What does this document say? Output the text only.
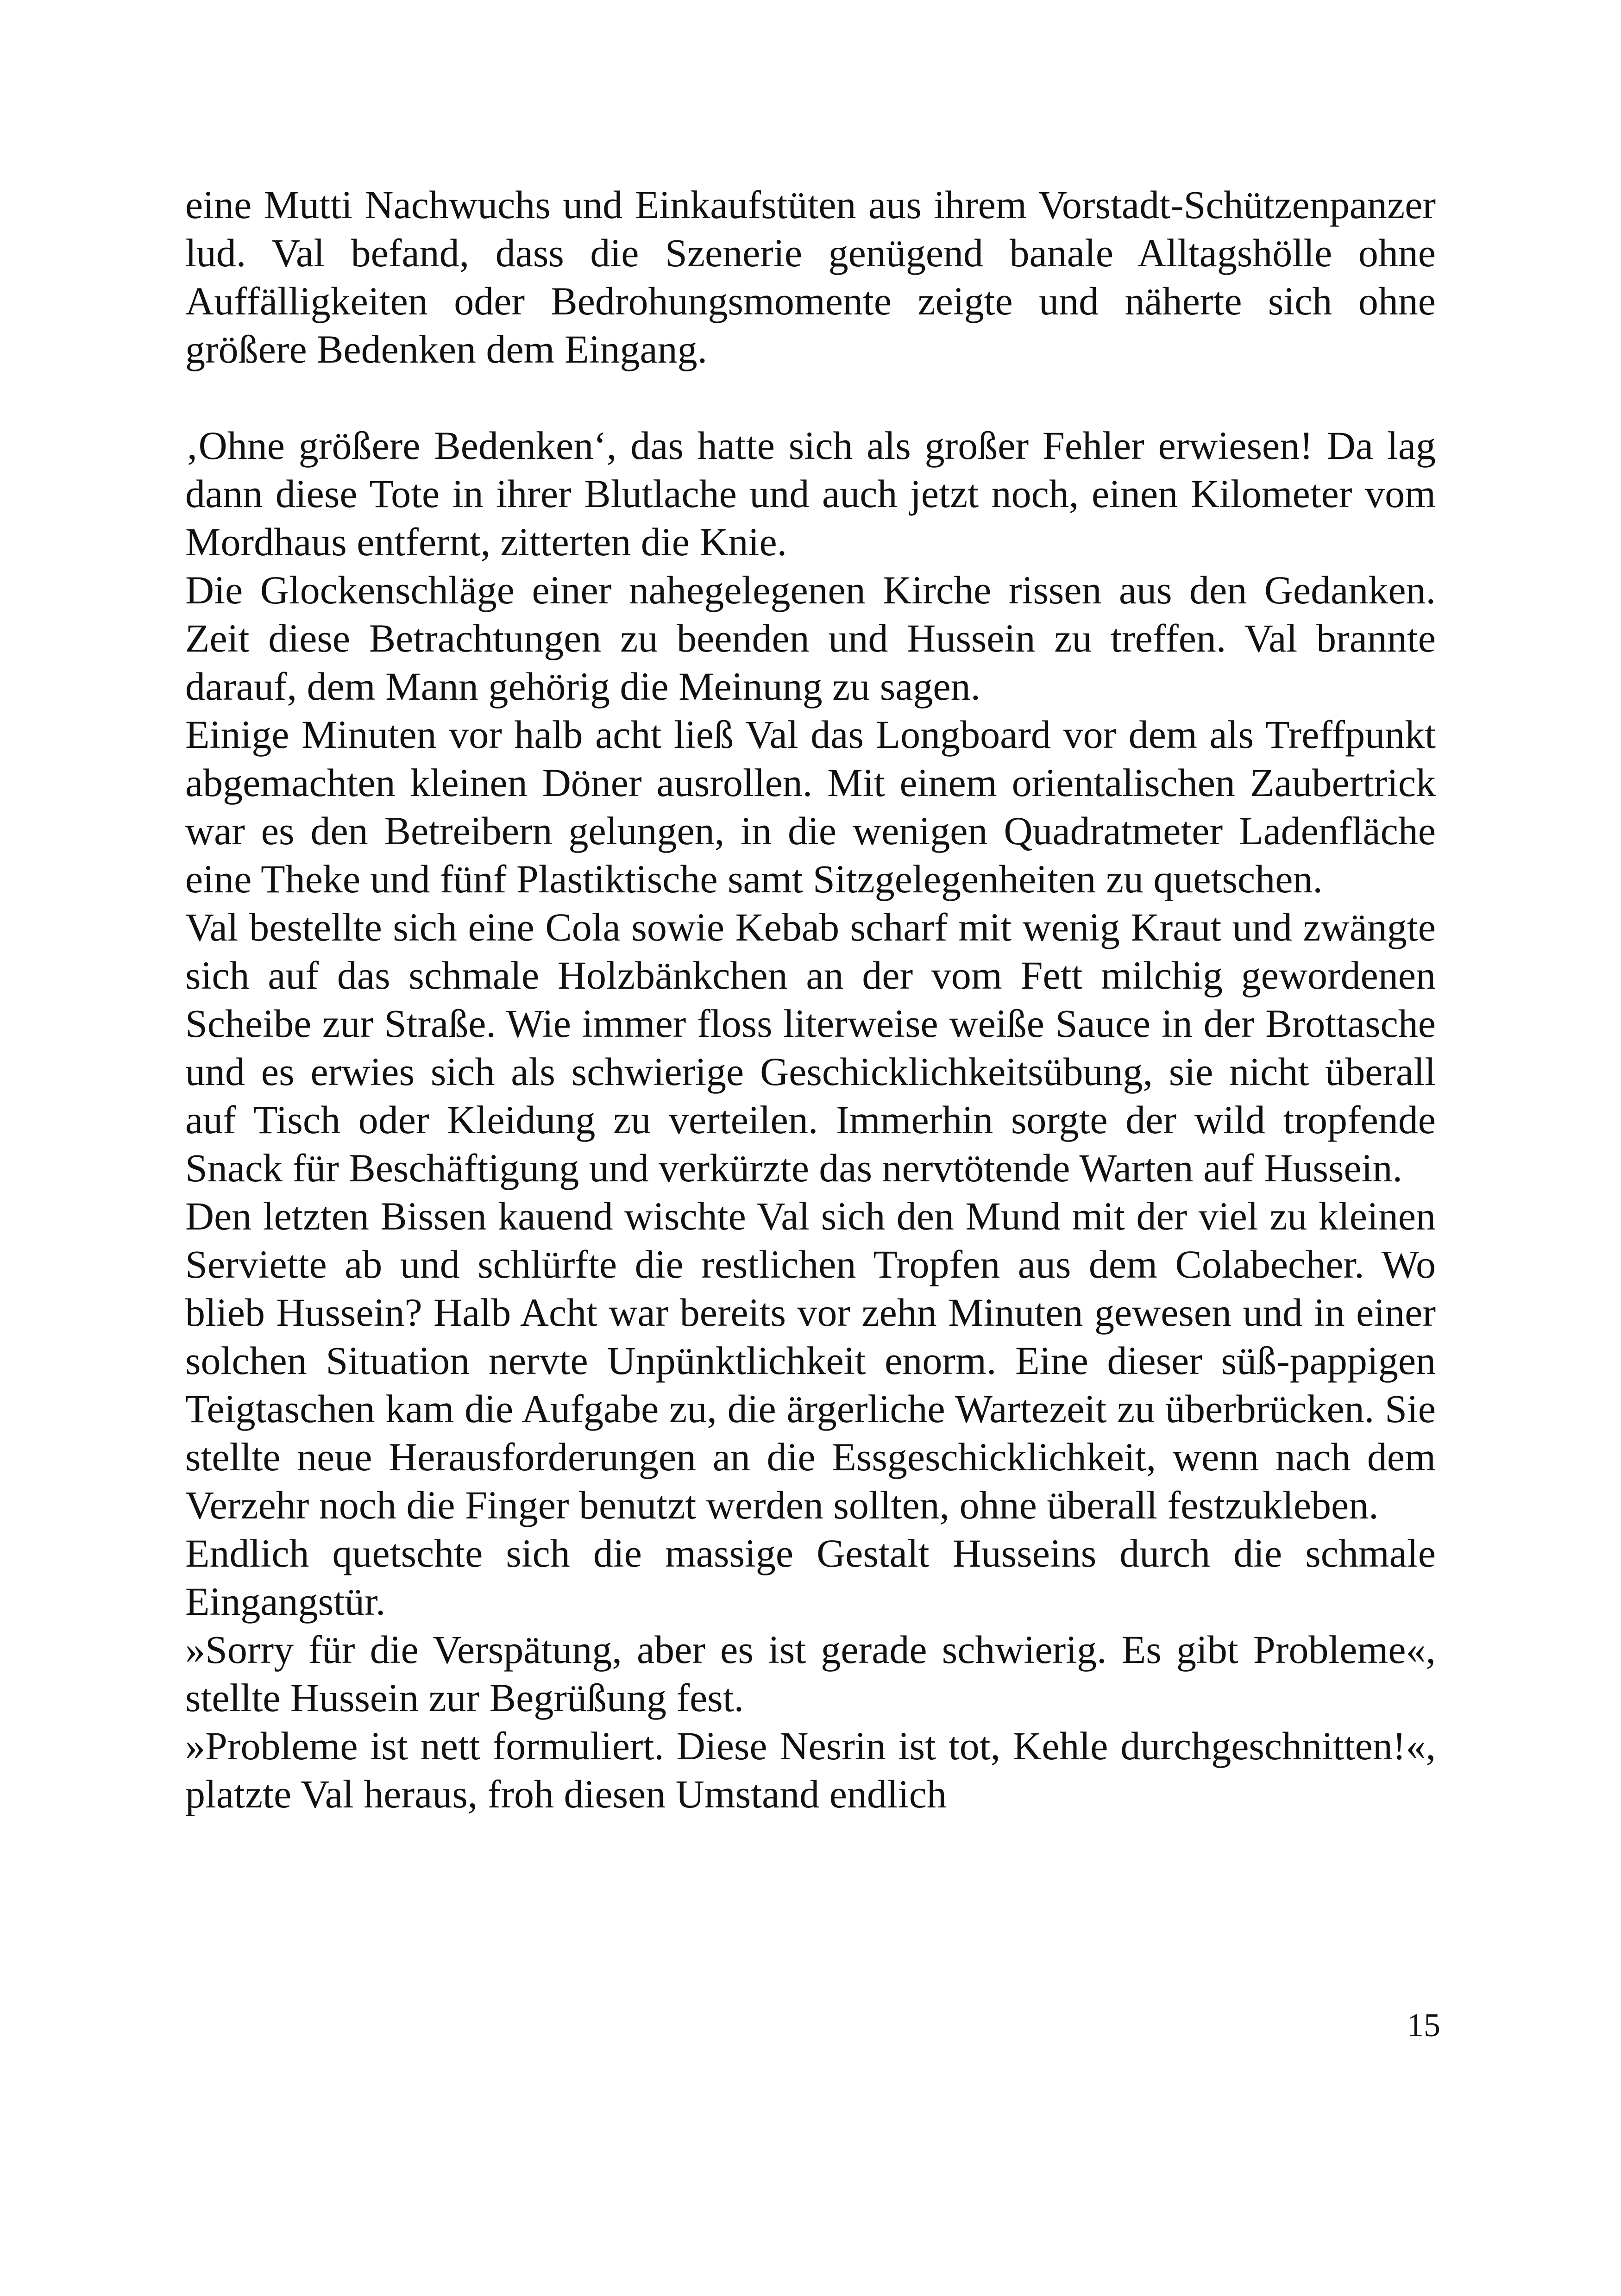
eine Mutti Nachwuchs und Einkaufstüten aus ihrem Vorstadt-Schützenpanzer lud. Val befand, dass die Szenerie genügend banale Alltagshölle ohne Auffälligkeiten oder Bedrohungsmomente zeigte und näherte sich ohne größere Bedenken dem Eingang.

‚Ohne größere Bedenken‘, das hatte sich als großer Fehler erwiesen! Da lag dann diese Tote in ihrer Blutlache und auch jetzt noch, einen Kilometer vom Mordhaus entfernt, zitterten die Knie.

Die Glockenschläge einer nahegelegenen Kirche rissen aus den Gedanken. Zeit diese Betrachtungen zu beenden und Hussein zu treffen. Val brannte darauf, dem Mann gehörig die Meinung zu sagen.

Einige Minuten vor halb acht ließ Val das Longboard vor dem als Treffpunkt abgemachten kleinen Döner ausrollen. Mit einem orientalischen Zaubertrick war es den Betreibern gelungen, in die wenigen Quadratmeter Ladenfläche eine Theke und fünf Plastiktische samt Sitzgelegenheiten zu quetschen.

Val bestellte sich eine Cola sowie Kebab scharf mit wenig Kraut und zwängte sich auf das schmale Holzbänkchen an der vom Fett milchig gewordenen Scheibe zur Straße. Wie immer floss literweise weiße Sauce in der Brottasche und es erwies sich als schwierige Geschicklichkeitsübung, sie nicht überall auf Tisch oder Kleidung zu verteilen. Immerhin sorgte der wild tropfende Snack für Beschäftigung und verkürzte das nervtötende Warten auf Hussein.

Den letzten Bissen kauend wischte Val sich den Mund mit der viel zu kleinen Serviette ab und schlürfte die restlichen Tropfen aus dem Colabecher. Wo blieb Hussein? Halb Acht war bereits vor zehn Minuten gewesen und in einer solchen Situation nervte Unpünktlichkeit enorm. Eine dieser süß-pappigen Teigtaschen kam die Aufgabe zu, die ärgerliche Wartezeit zu überbrücken. Sie stellte neue Herausforderungen an die Essgeschicklichkeit, wenn nach dem Verzehr noch die Finger benutzt werden sollten, ohne überall festzukleben.

Endlich quetschte sich die massige Gestalt Husseins durch die schmale Eingangstür.

»Sorry für die Verspätung, aber es ist gerade schwierig. Es gibt Probleme«, stellte Hussein zur Begrüßung fest.

»Probleme ist nett formuliert. Diese Nesrin ist tot, Kehle durchgeschnitten!«, platzte Val heraus, froh diesen Umstand endlich

15
